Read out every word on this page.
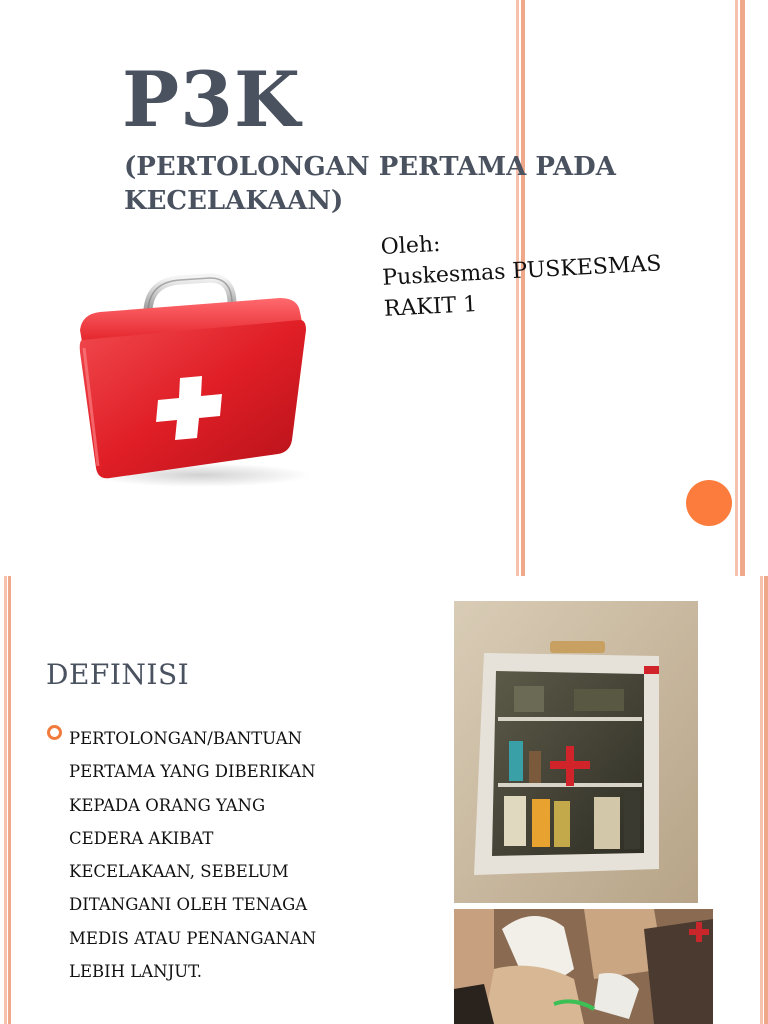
P3K
(PERTOLONGAN PERTAMA PADA KECELAKAAN)
Oleh:
Puskesmas PUSKESMAS
RAKIT 1
DEFINISI
PERTOLONGAN/BANTUAN
PERTAMA YANG DIBERIKAN
KEPADA ORANG YANG
CEDERA AKIBAT
KECELAKAAN, SEBELUM
DITANGANI OLEH TENAGA
MEDIS ATAU PENANGANAN
LEBIH LANJUT.
